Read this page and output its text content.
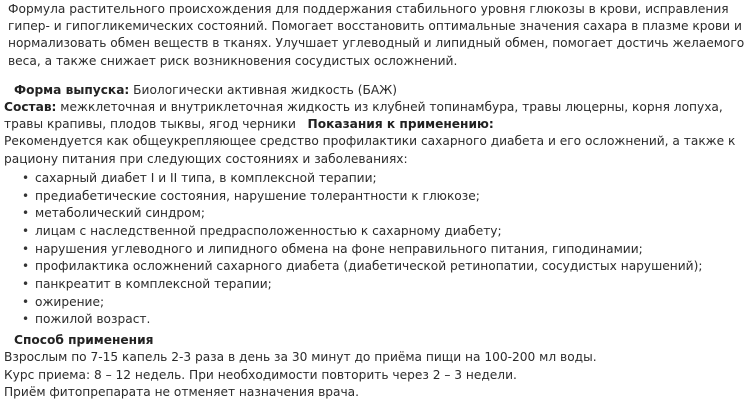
Формула растительного происхождения для поддержания стабильного уровня глюкозы в крови, исправления

гипер- и гипогликемических состояний. Помогает восстановить оптимальные значения сахара в плазме крови и

нормализовать обмен веществ в тканях. Улучшает углеводный и липидный обмен, помогает достичь желаемого

веса, а также снижает риск возникновения сосудистых осложнений.

Форма выпуска: Биологически активная жидкость (БАЖ)
Состав: межклеточная и внутриклеточная жидкость из клубней топинамбура, травы люцерны, корня лопуха,
травы крапивы, плодов тыквы, ягод черники Показания к применению:
Рекомендуется как общеукрепляющее средство профилактики сахарного диабета и его осложнений, а также к
рациону питания при следующих состояниях и заболеваниях:
• сахарный диабет I и II типа, в комплексной терапии;
• предиабетические состояния, нарушение толерантности к глюкозе;
• метаболический синдром;
• лицам с наследственной предрасположенностью к сахарному диабету;
• нарушения углеводного и липидного обмена на фоне неправильного питания, гиподинамии;
• профилактика осложнений сахарного диабета (диабетической ретинопатии, сосудистых нарушений);
• панкреатит в комплексной терапии;
• ожирение;
• пожилой возраст.
Способ применения
Взрослым по 7-15 капель 2-3 раза в день за 30 минут до приёма пищи на 100-200 мл воды.
Курс приема: 8 – 12 недель. При необходимости повторить через 2 – 3 недели.
Приём фитопрепарата не отменяет назначения врача.
